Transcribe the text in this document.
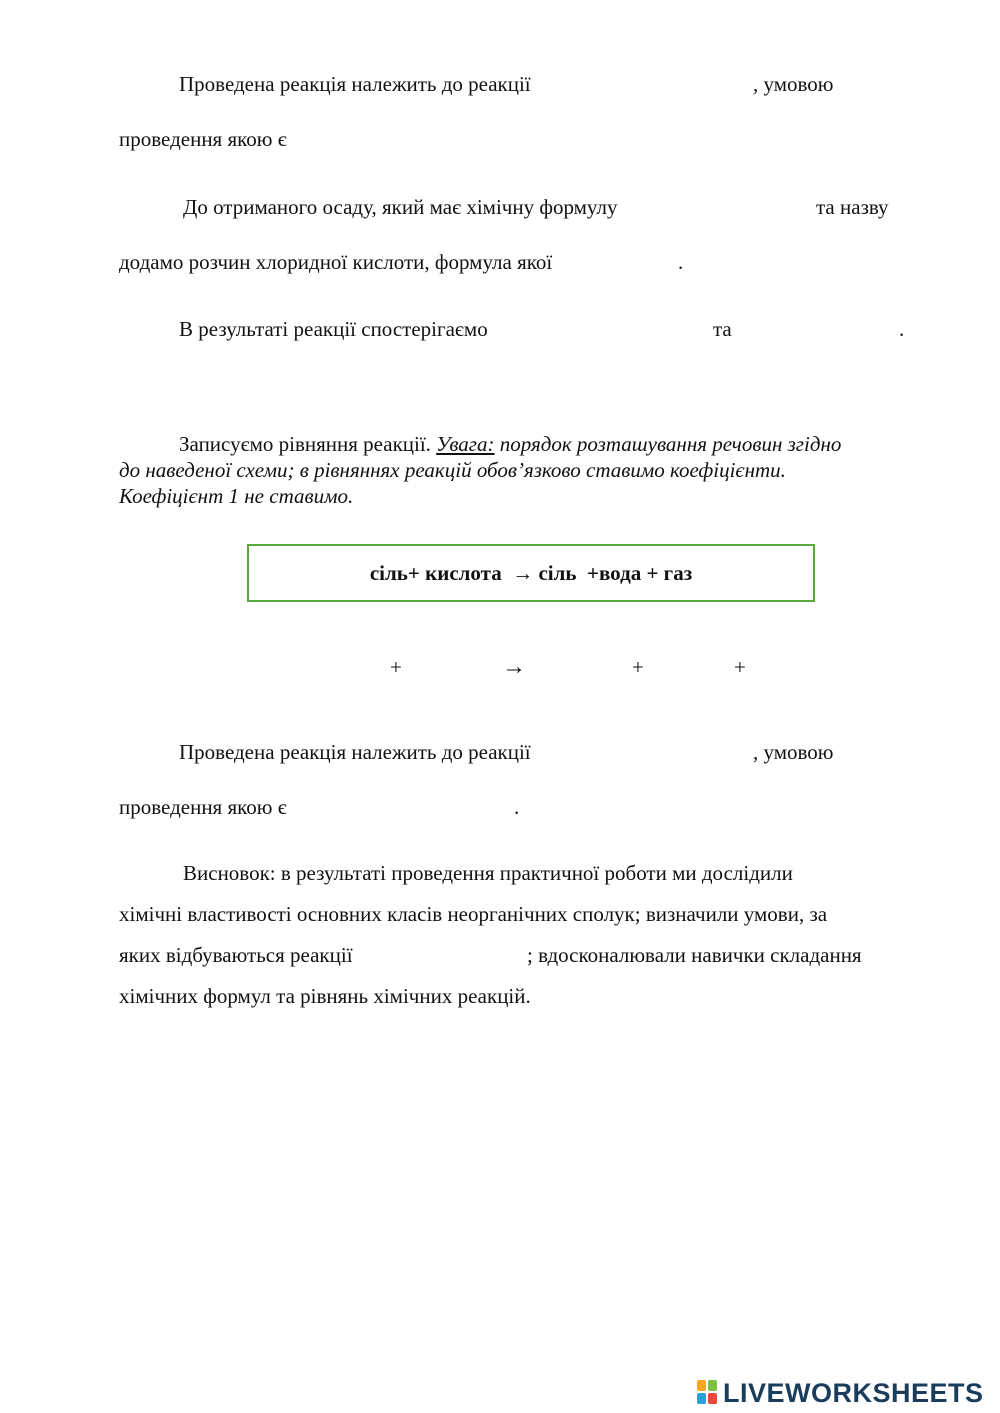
Проведена реакція належить до реакції	, умовою
проведення якою є
До отриманого осаду, який має хімічну формулу	та назву
додамо розчин хлоридної кислоти, формула якої	.
В результаті реакції спостерігаємо	та	.
Записуємо рівняння реакції. Увага: порядок розташування речовин згідно
до наведеної схеми; в рівняннях реакцій обов’язково ставимо коефіцієнти.
Коефіцієнт 1 не ставимо.
сіль+ кислота  → сіль  +вода + газ
+	→	+	+
Проведена реакція належить до реакції	, умовою
проведення якою є	.
Висновок: в результаті проведення практичної роботи ми дослідили
хімічні властивості основних класів неорганічних сполук; визначили умови, за
яких відбуваються реакції	; вдосконалювали навички складання
хімічних формул та рівнянь хімічних реакцій.
LIVEWORKSHEETS
